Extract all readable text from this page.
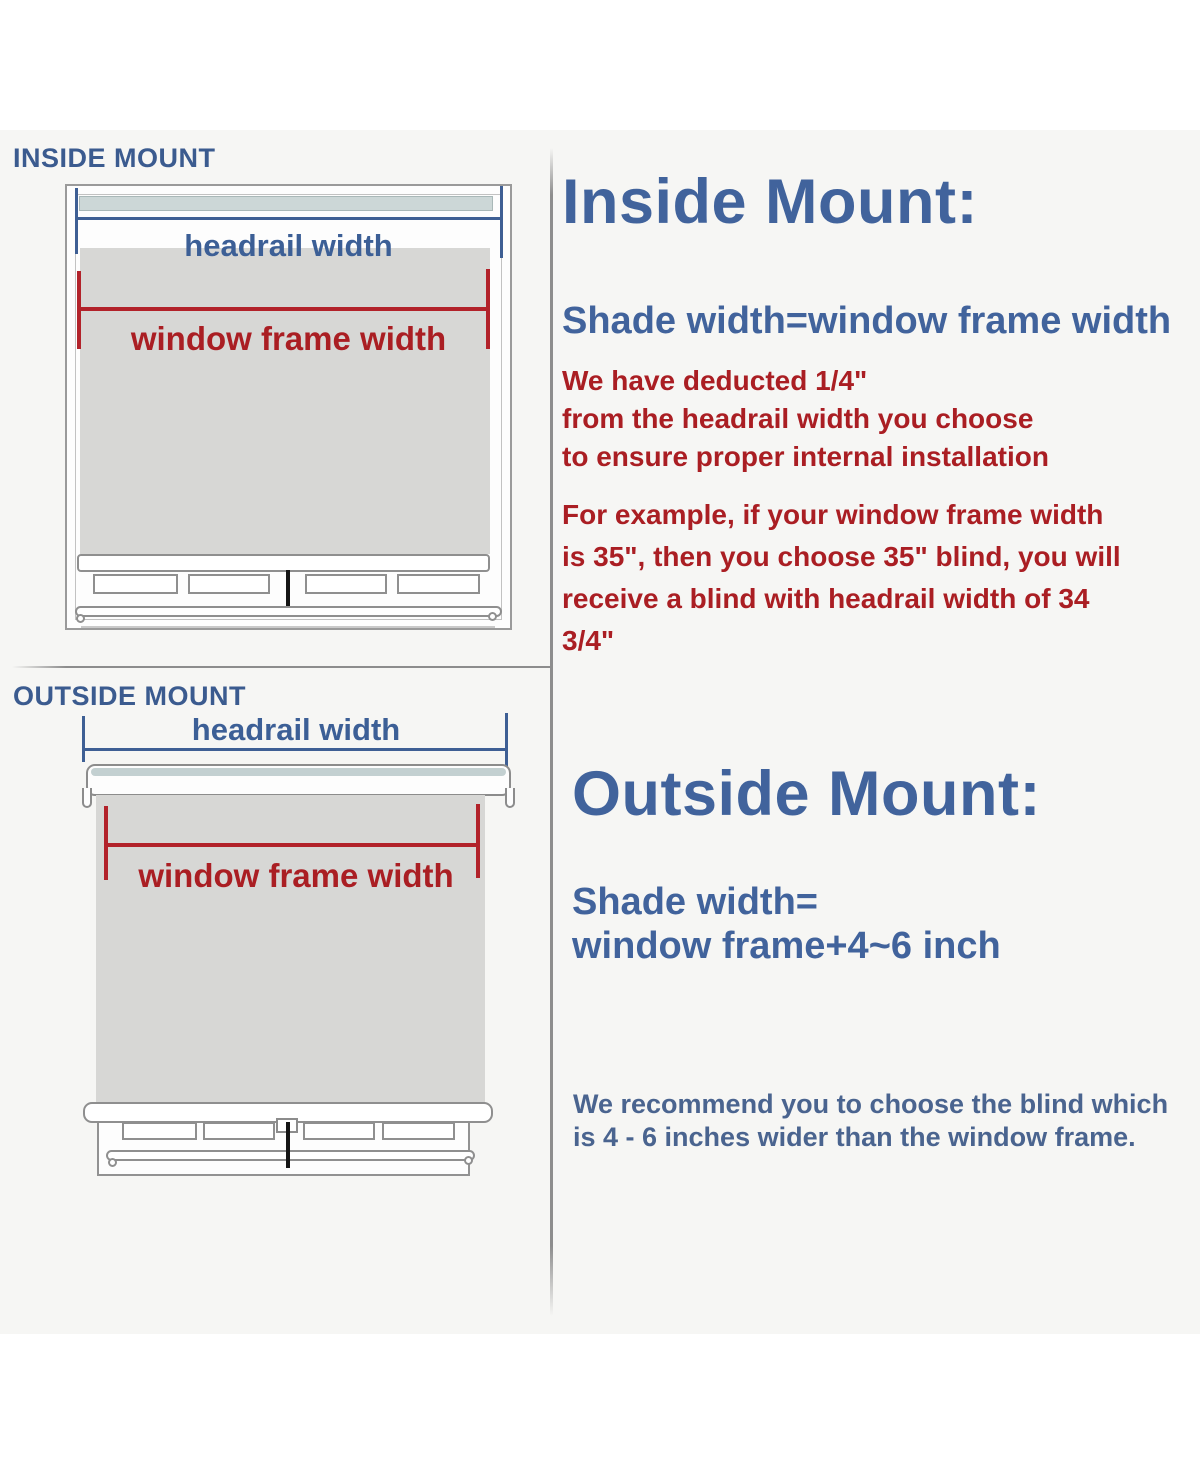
INSIDE MOUNT
headrail width
window frame width
OUTSIDE MOUNT
headrail width
window frame width
Inside Mount:
Shade width=window frame width
We have deducted 1/4"
from the headrail width you choose
to ensure proper internal installation
For example, if your window frame width
is 35", then you choose 35" blind, you will
receive a blind with headrail width of 34
3/4"
Outside Mount:
Shade width=
window frame+4~6 inch
We recommend you to choose the blind which
is 4 - 6 inches wider than the window frame.
